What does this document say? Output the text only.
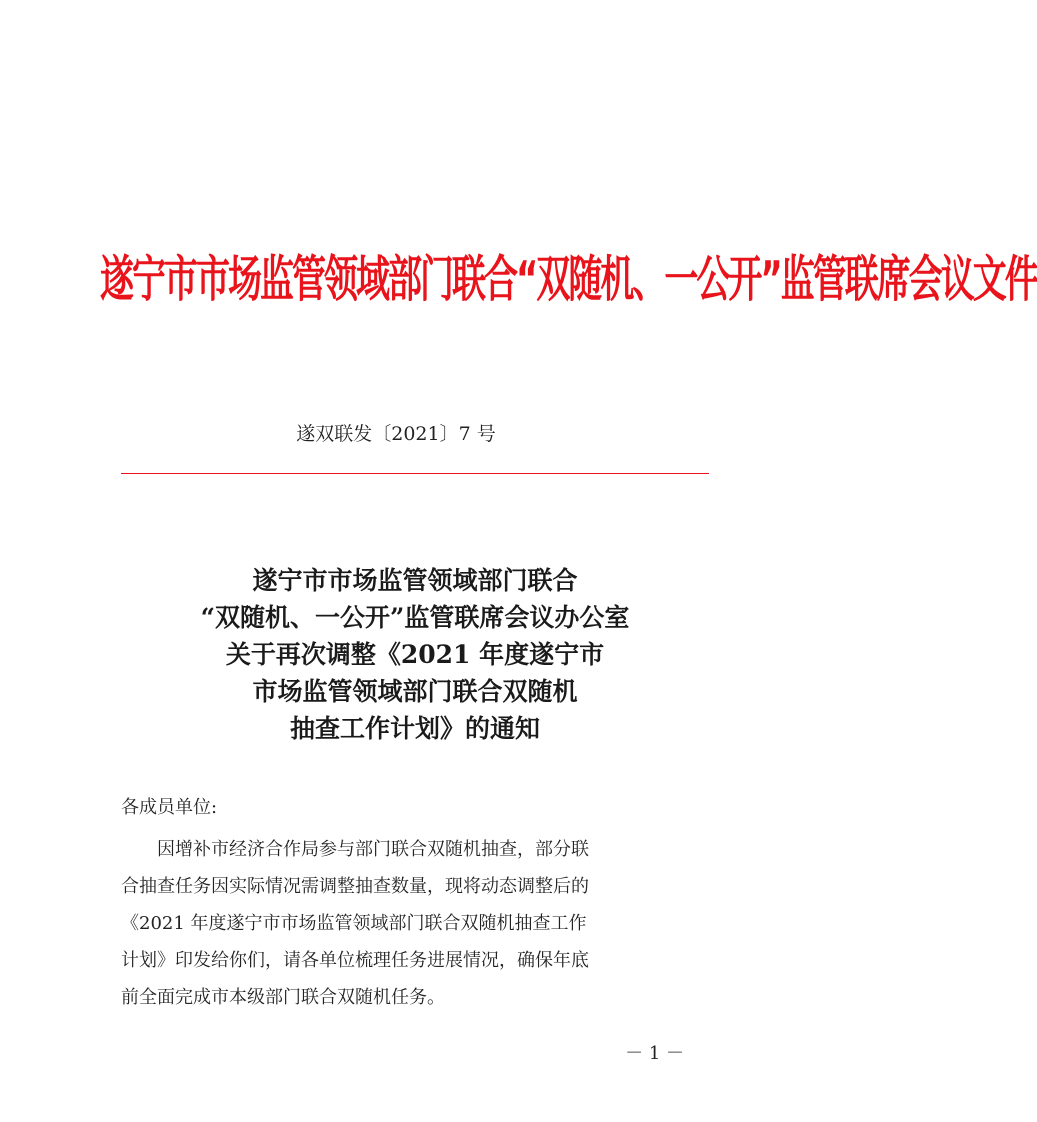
遂宁市市场监管领域部门联合“双随机、一公开”监管联席会议文件
遂双联发〔2021〕7 号
遂宁市市场监管领域部门联合
“双随机、一公开”监管联席会议办公室
关于再次调整《2021 年度遂宁市
市场监管领域部门联合双随机
抽查工作计划》的通知
各成员单位:
　　因增补市经济合作局参与部门联合双随机抽查，部分联
合抽查任务因实际情况需调整抽查数量，现将动态调整后的
《2021 年度遂宁市市场监管领域部门联合双随机抽查工作
计划》印发给你们，请各单位梳理任务进展情况，确保年底
前全面完成市本级部门联合双随机任务。
－ 1 －
